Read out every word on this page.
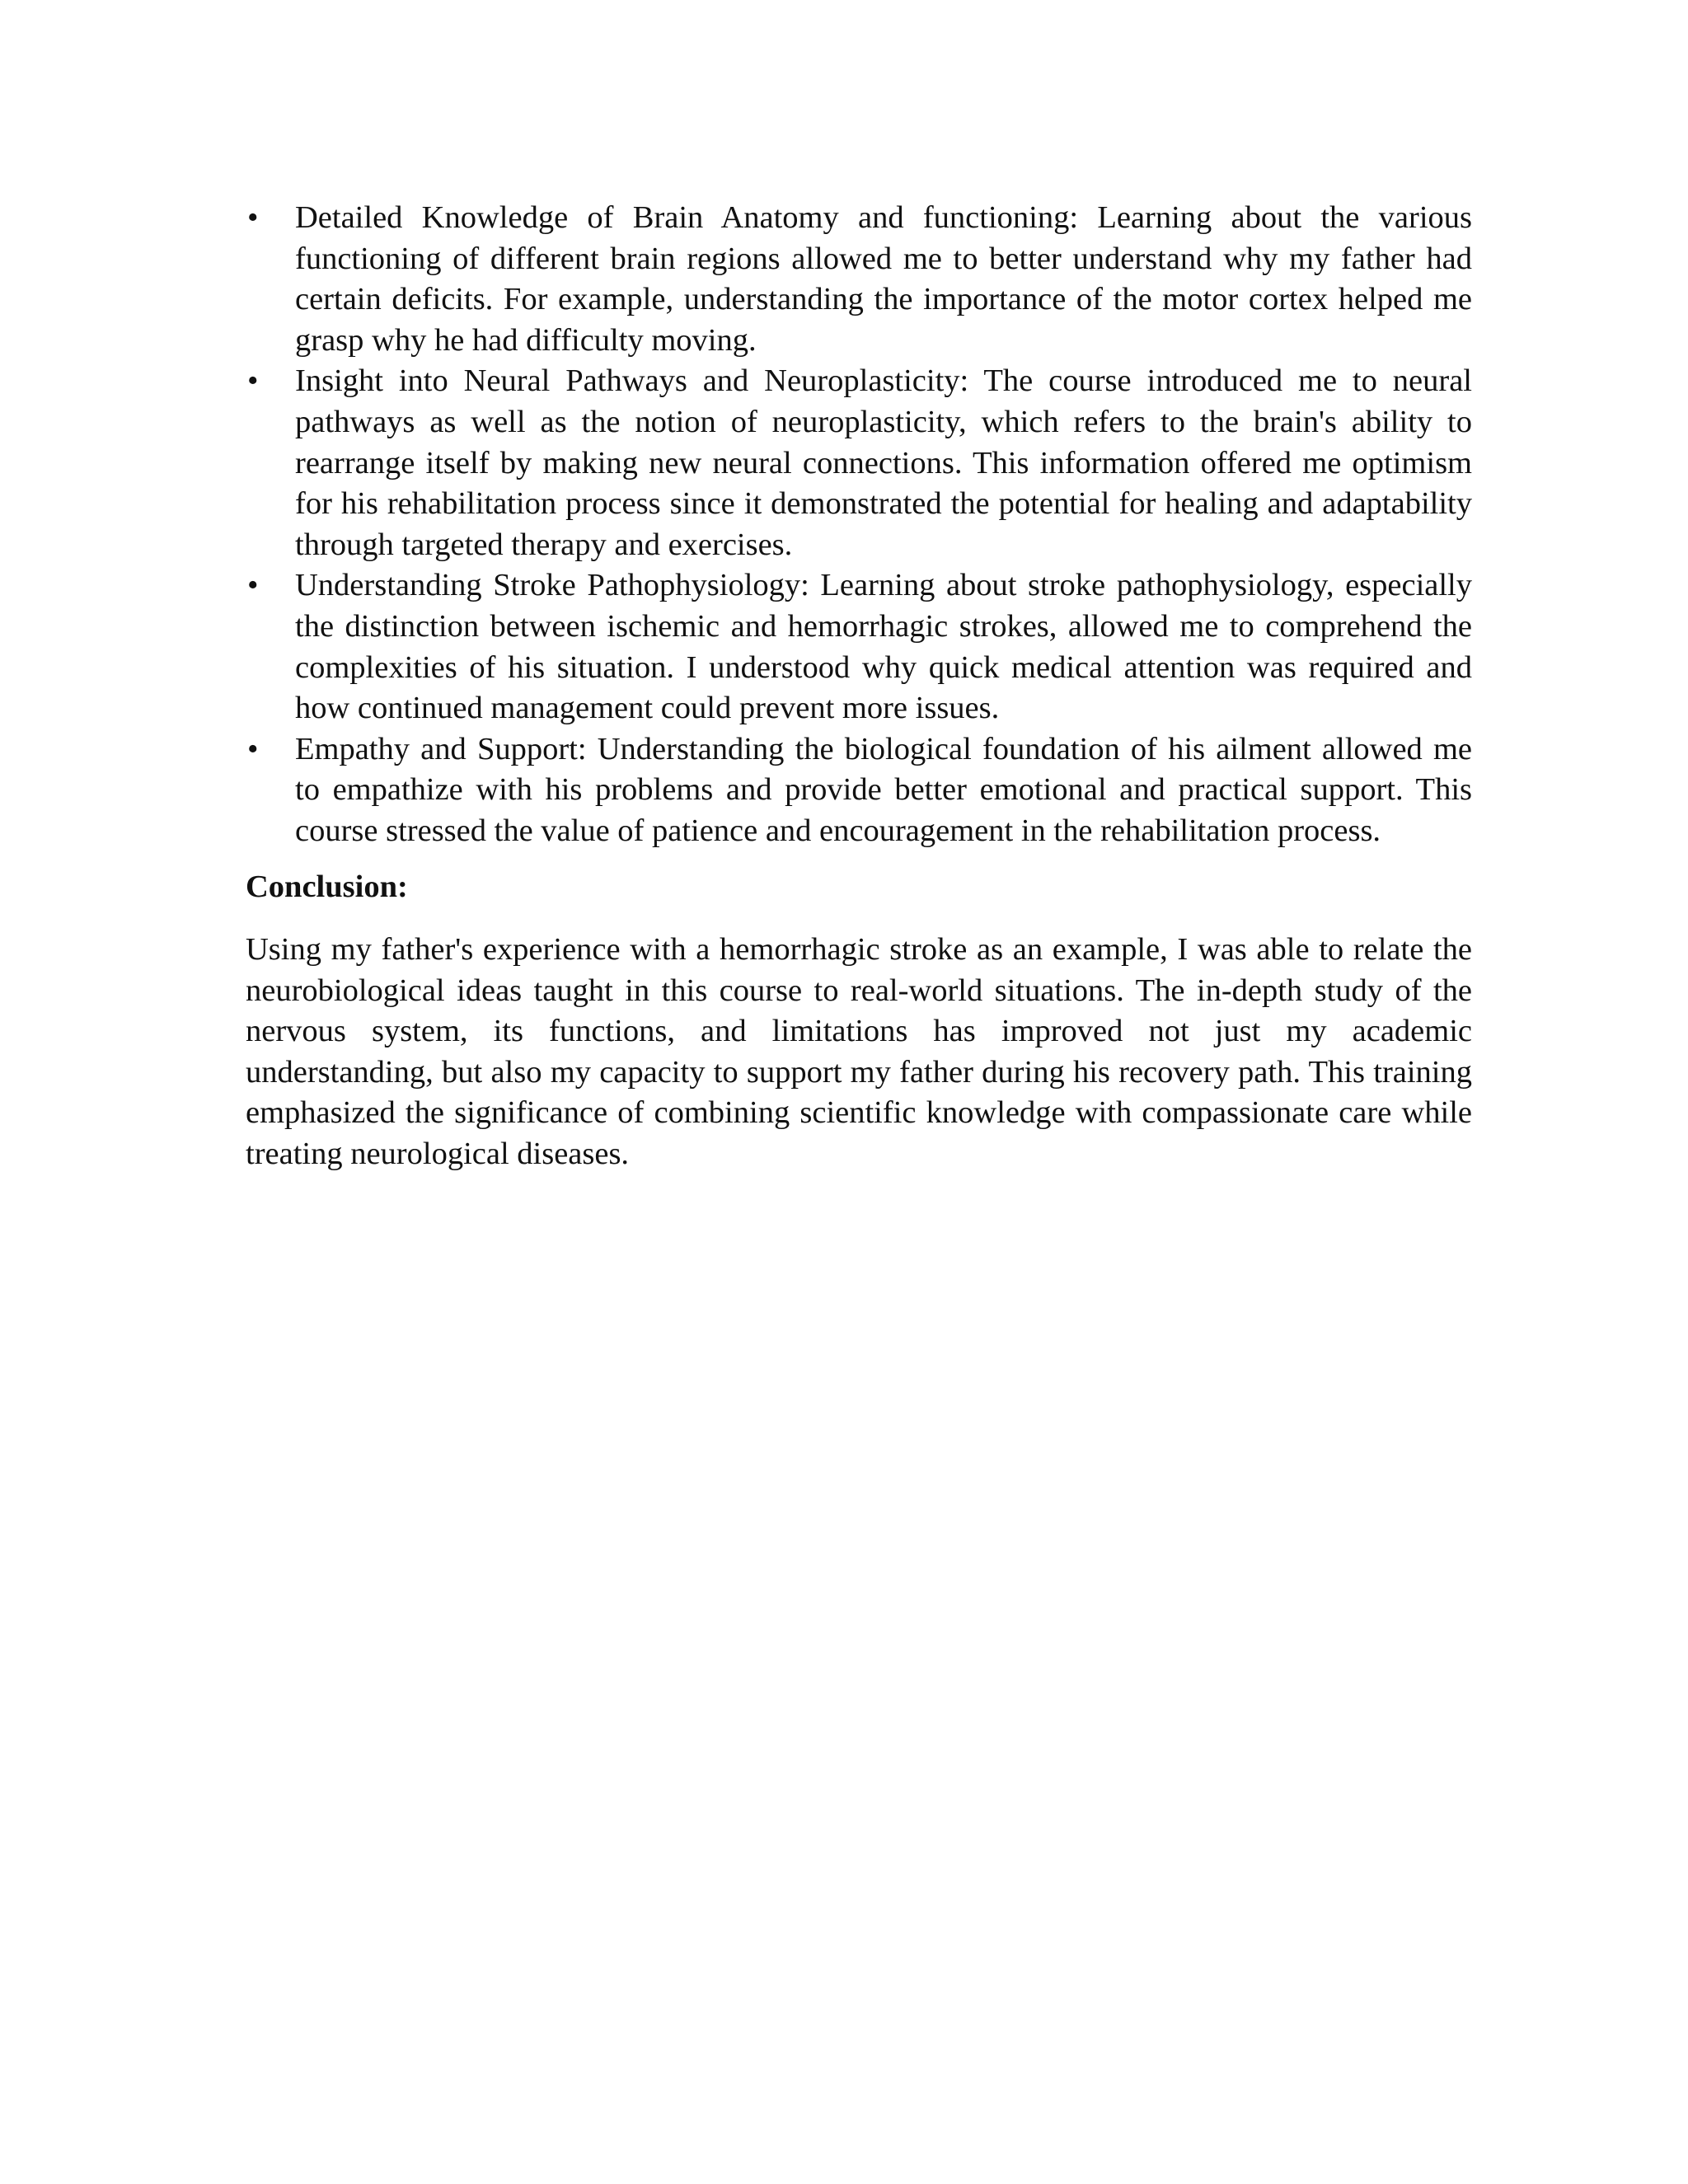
•	Detailed Knowledge of Brain Anatomy and functioning: Learning about the various functioning of different brain regions allowed me to better understand why my father had certain deficits. For example, understanding the importance of the motor cortex helped me grasp why he had difficulty moving.
•	Insight into Neural Pathways and Neuroplasticity: The course introduced me to neural pathways as well as the notion of neuroplasticity, which refers to the brain's ability to rearrange itself by making new neural connections. This information offered me optimism for his rehabilitation process since it demonstrated the potential for healing and adaptability through targeted therapy and exercises.
•	Understanding Stroke Pathophysiology: Learning about stroke pathophysiology, especially the distinction between ischemic and hemorrhagic strokes, allowed me to comprehend the complexities of his situation. I understood why quick medical attention was required and how continued management could prevent more issues.
•	Empathy and Support: Understanding the biological foundation of his ailment allowed me to empathize with his problems and provide better emotional and practical support. This course stressed the value of patience and encouragement in the rehabilitation process.
Conclusion:
Using my father's experience with a hemorrhagic stroke as an example, I was able to relate the neurobiological ideas taught in this course to real-world situations. The in-depth study of the nervous system, its functions, and limitations has improved not just my academic understanding, but also my capacity to support my father during his recovery path. This training emphasized the significance of combining scientific knowledge with compassionate care while treating neurological diseases.
